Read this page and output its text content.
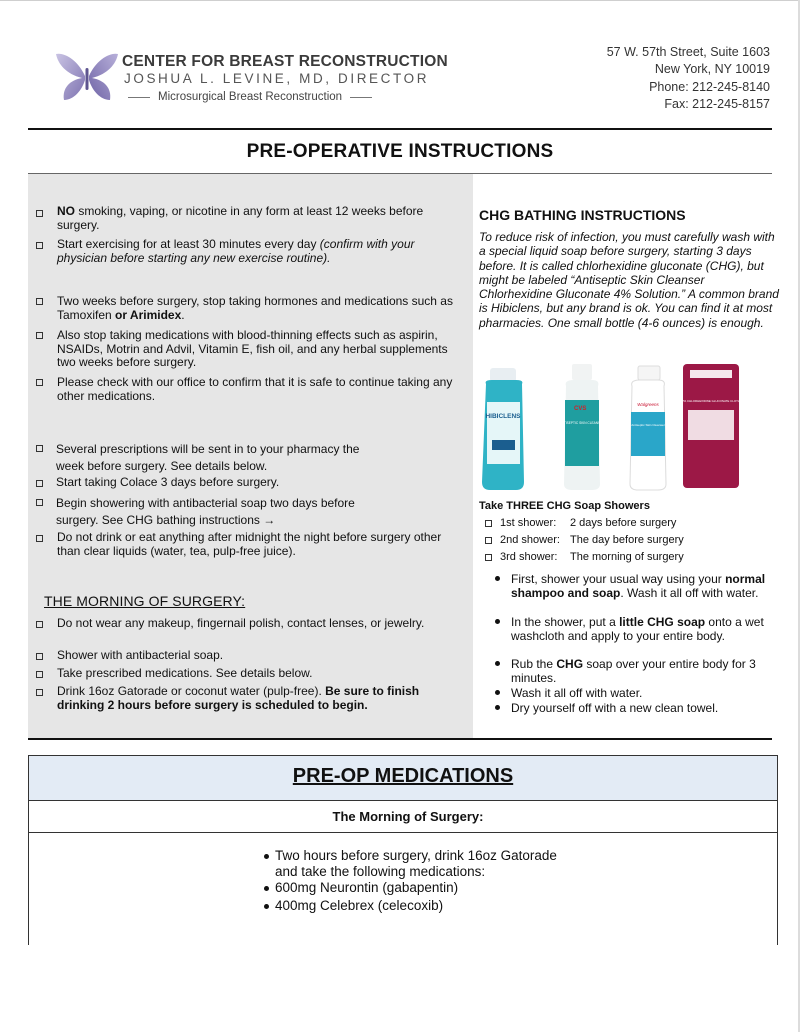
CENTER FOR BREAST RECONSTRUCTION
JOSHUA L. LEVINE, MD, DIRECTOR
Microsurgical Breast Reconstruction
57 W. 57th Street, Suite 1603
New York, NY 10019
Phone: 212-245-8140
Fax: 212-245-8157
PRE-OPERATIVE INSTRUCTIONS
NO smoking, vaping, or nicotine in any form at least 12 weeks before surgery.
Start exercising for at least 30 minutes every day (confirm with your physician before starting any new exercise routine).
Two weeks before surgery, stop taking hormones and medications such as Tamoxifen or Arimidex.
Also stop taking medications with blood-thinning effects such as aspirin, NSAIDs, Motrin and Advil, Vitamin E, fish oil, and any herbal supplements two weeks before surgery.
Please check with our office to confirm that it is safe to continue taking any other medications.
Several prescriptions will be sent in to your pharmacy the
week before surgery. See details below.
Start taking Colace 3 days before surgery.
Begin showering with antibacterial soap two days before
surgery. See CHG bathing instructions →
Do not drink or eat anything after midnight the night before surgery other than clear liquids (water, tea, pulp-free juice).
THE MORNING OF SURGERY:
Do not wear any makeup, fingernail polish, contact lenses, or jewelry.
Shower with antibacterial soap.
Take prescribed medications. See details below.
Drink 16oz Gatorade or coconut water (pulp-free). Be sure to finish drinking 2 hours before surgery is scheduled to begin.
CHG BATHING INSTRUCTIONS
To reduce risk of infection, you must carefully wash with a special liquid soap before surgery, starting 3 days before. It is called chlorhexidine gluconate (CHG), but might be labeled “Antiseptic Skin Cleanser Chlorhexidine Gluconate 4% Solution.” A common brand is Hibiclens, but any brand is ok. You can find it at most pharmacies. One small bottle (4-6 ounces) is enough.
HIBICLENS
CVS
ANTISEPTIC SKIN CLEANSER
Walgreens
Antiseptic Skin Cleanser
2% CHLORHEXIDINE GLUCONATE CLOTH
Take THREE CHG Soap Showers
1st shower: 2 days before surgery
2nd shower: The day before surgery
3rd shower: The morning of surgery
First, shower your usual way using your normal shampoo and soap. Wash it all off with water.
In the shower, put a little CHG soap onto a wet washcloth and apply to your entire body.
Rub the CHG soap over your entire body for 3 minutes.
Wash it all off with water.
Dry yourself off with a new clean towel.
PRE-OP MEDICATIONS
The Morning of Surgery:
Two hours before surgery, drink 16oz Gatorade and take the following medications:
600mg Neurontin (gabapentin)
400mg Celebrex (celecoxib)
